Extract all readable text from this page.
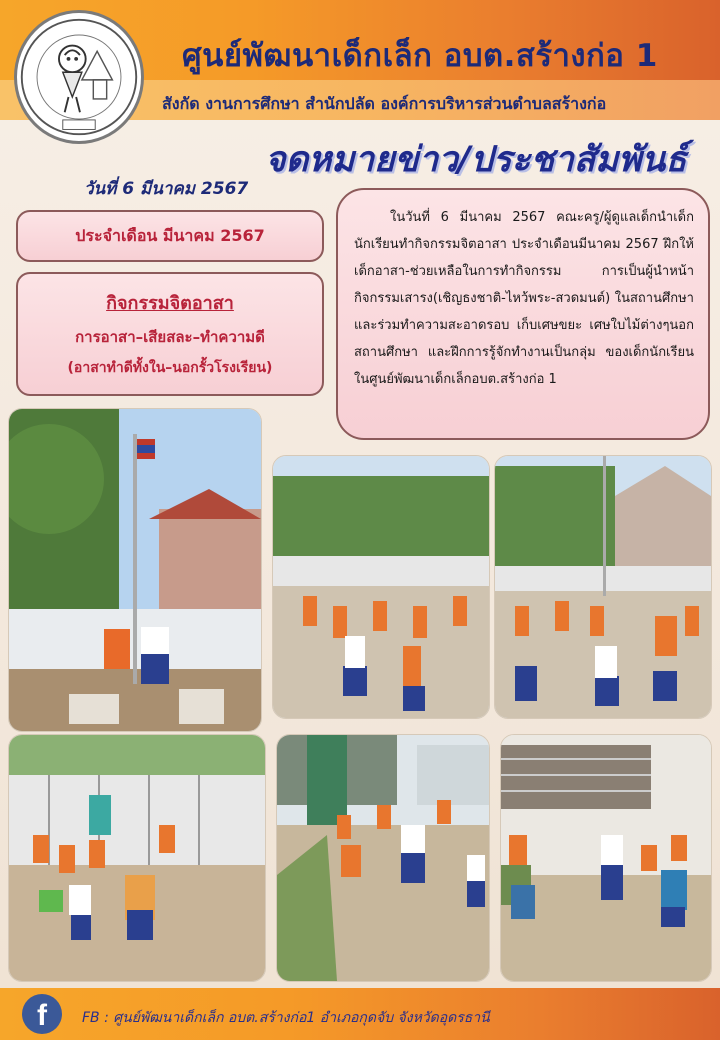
ศูนย์พัฒนาเด็กเล็ก อบต.สร้างก่อ 1
สังกัด งานการศึกษา สำนักปลัด องค์การบริหารส่วนตำบลสร้างก่อ
จดหมายข่าว/ประชาสัมพันธ์
วันที่ 6 มีนาคม 2567
ประจำเดือน มีนาคม 2567
กิจกรรมจิตอาสา
การอาสา–เสียสละ–ทำความดี
(อาสาทำดีทั้งใน–นอกรั้วโรงเรียน)
ในวันที่ 6 มีนาคม 2567 คณะครู/ผู้ดูแลเด็กนำเด็กนักเรียนทำกิจกรรมจิตอาสา ประจำเดือนมีนาคม 2567 ฝึกให้เด็กอาสา-ช่วยเหลือในการทำกิจกรรม การเป็นผู้นำหน้ากิจกรรมเสารง(เชิญธงชาติ-ไหว้พระ-สวดมนต์) ในสถานศึกษา และร่วมทำความสะอาดรอบ เก็บเศษขยะ เศษใบไม้ต่างๆนอกสถานศึกษา และฝึกการรู้จักทำงานเป็นกลุ่ม ของเด็กนักเรียนในศูนย์พัฒนาเด็กเล็กอบต.สร้างก่อ 1
f	FB : ศูนย์พัฒนาเด็กเล็ก อบต.สร้างก่อ1 อำเภอกุดจับ จังหวัดอุดรธานี
